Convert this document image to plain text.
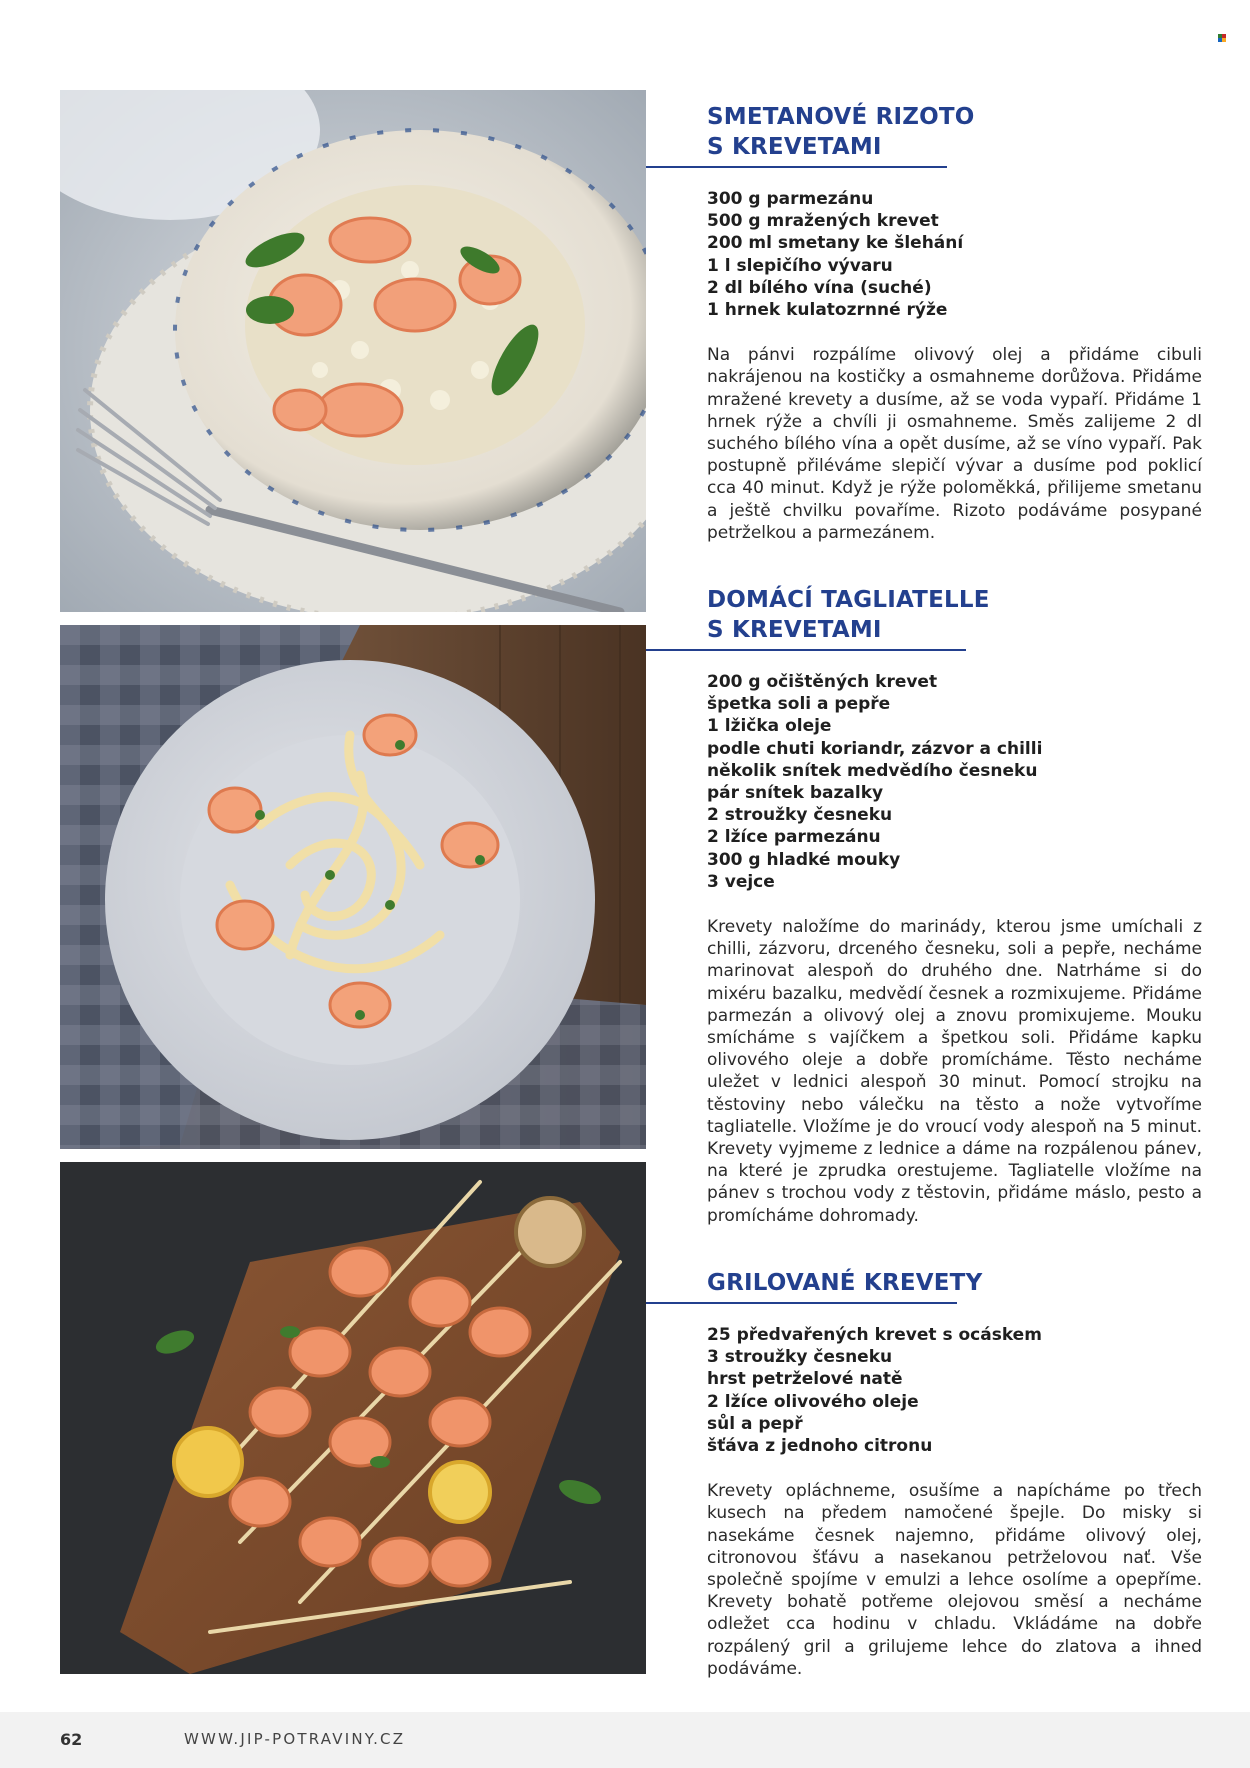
SMETANOVÉ RIZOTO
S KREVETAMI
300 g parmezánu
500 g mražených krevet
200 ml smetany ke šlehání
1 l slepičího vývaru
2 dl bílého vína (suché)
1 hrnek kulatozrnné rýže

Na pánvi rozpálíme olivový olej a přidáme cibuli nakrájenou na kostičky a osmahneme dorůžova. Přidáme mražené krevety a dusíme, až se voda vypaří. Přidáme 1 hrnek rýže a chvíli ji osmahneme. Směs zalijeme 2 dl suchého bílého vína a opět dusíme, až se víno vypaří. Pak postupně přiléváme slepičí vývar a dusíme pod poklicí cca 40 minut. Když je rýže poloměkká, přilijeme smetanu a ještě chvilku povaříme. Rizoto podáváme posypané petrželkou a parmezánem.

DOMÁCÍ TAGLIATELLE
S KREVETAMI
200 g očištěných krevet
špetka soli a pepře
1 lžička oleje
podle chuti koriandr, zázvor a chilli
několik snítek medvědího česneku
pár snítek bazalky
2 stroužky česneku
2 lžíce parmezánu
300 g hladké mouky
3 vejce

Krevety naložíme do marinády, kterou jsme umíchali z chilli, zázvoru, drceného česneku, soli a pepře, necháme marinovat alespoň do druhého dne. Natrháme si do mixéru bazalku, medvědí česnek a rozmixujeme. Přidáme parmezán a olivový olej a znovu promixujeme. Mouku smícháme s vajíčkem a špetkou soli. Přidáme kapku olivového oleje a dobře promícháme. Těsto necháme uležet v lednici alespoň 30 minut. Pomocí strojku na těstoviny nebo válečku na těsto a nože vytvoříme tagliatelle. Vložíme je do vroucí vody alespoň na 5 minut. Krevety vyjmeme z lednice a dáme na rozpálenou pánev, na které je zprudka orestujeme. Tagliatelle vložíme na pánev s trochou vody z těstovin, přidáme máslo, pesto a promícháme dohromady.

GRILOVANÉ KREVETY
25 předvařených krevet s ocáskem
3 stroužky česneku
hrst petrželové natě
2 lžíce olivového oleje
sůl a pepř
šťáva z jednoho citronu

Krevety opláchneme, osušíme a napícháme po třech kusech na předem namočené špejle. Do misky si nasekáme česnek najemno, přidáme olivový olej, citronovou šťávu a nasekanou petrželovou nať. Vše společně spojíme v emulzi a lehce osolíme a opepříme. Krevety bohatě potřeme olejovou směsí a necháme odležet cca hodinu v chladu. Vkládáme na dobře rozpálený gril a grilujeme lehce do zlatova a ihned podáváme.

62	WWW.JIP-POTRAVINY.CZ
